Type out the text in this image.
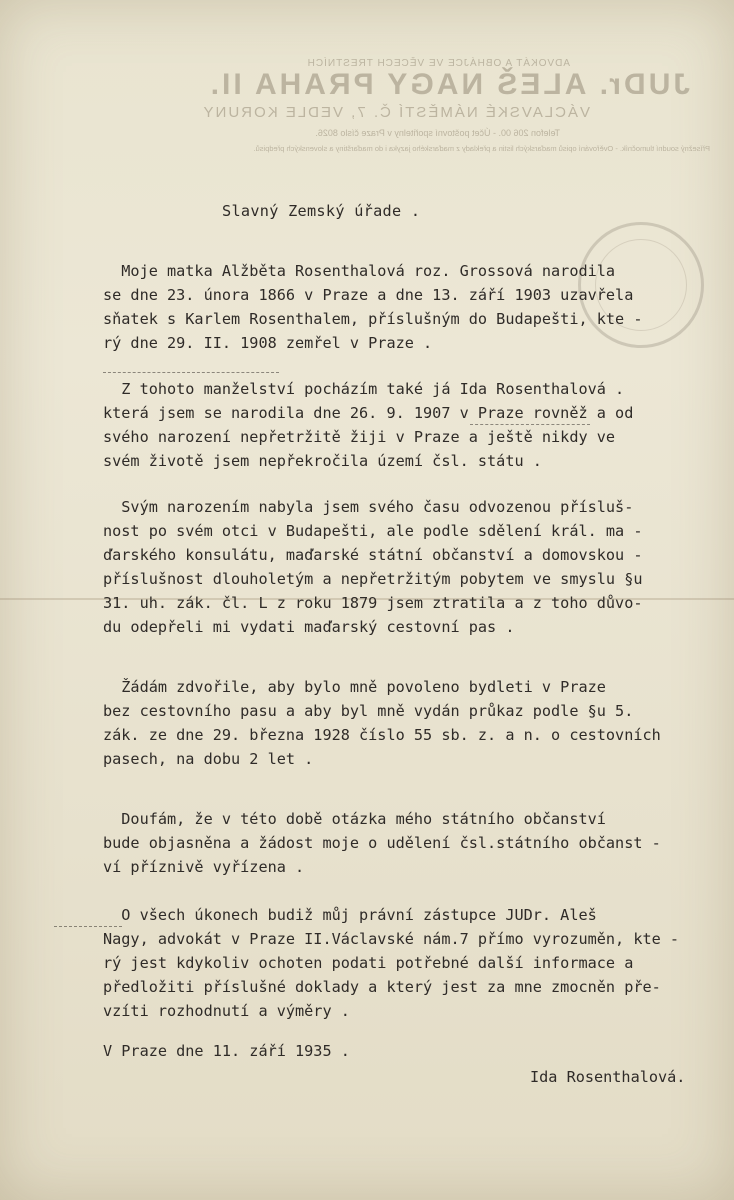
ADVOKÁT A OBHÁJCE VE VĚCECH TRESTNÍCH
JUDr. ALEŠ NAGY PRAHA II.
VÁCLAVSKÉ NÁMĚSTÍ Č. 7, VEDLE KORUNY
Telefon 206 00. - Účet poštovní spořitelny v Praze číslo 8026.
Přísežný soudní tlumočník. - Ověřování opisů maďarských listin a překlady z maďarského jazyka i do maďarštiny a slovenských předpisů.
Slavný Zemský úřade .
Moje matka Alžběta Rosenthalová roz. Grossová narodila
se dne 23. února 1866 v Praze a dne 13. září 1903 uzavřela
sňatek s Karlem Rosenthalem, příslušným do Budapešti, kte -
rý dne 29. II. 1908 zemřel v Praze .
Z tohoto manželství pocházím také já Ida Rosenthalová .
která jsem se narodila dne 26. 9. 1907 v Praze rovněž a od
svého narození nepřetržitě žiji v Praze a ještě nikdy ve
svém životě jsem nepřekročila území čsl. státu .
Svým narozením nabyla jsem svého času odvozenou přísluš-
nost po svém otci v Budapešti, ale podle sdělení král. ma -
ďarského konsulátu, maďarské státní občanství a domovskou -
příslušnost dlouholetým a nepřetržitým pobytem ve smyslu §u
31. uh. zák. čl. L z roku 1879 jsem ztratila a z toho důvo-
du odepřeli mi vydati maďarský cestovní pas .
Žádám zdvořile, aby bylo mně povoleno bydleti v Praze
bez cestovního pasu a aby byl mně vydán průkaz podle §u 5.
zák. ze dne 29. března 1928 číslo 55 sb. z. a n. o cestovních
pasech, na dobu 2 let .
Doufám, že v této době otázka mého státního občanství
bude objasněna a žádost moje o udělení čsl.státního občanst -
ví příznivě vyřízena .
O všech úkonech budiž můj právní zástupce JUDr. Aleš
Nagy, advokát v Praze II.Václavské nám.7 přímo vyrozuměn, kte -
rý jest kdykoliv ochoten podati potřebné další informace a
předložiti příslušné doklady a který jest za mne zmocněn pře-
vzíti rozhodnutí a výměry .
V Praze dne 11. září 1935 .
Ida Rosenthalová.
